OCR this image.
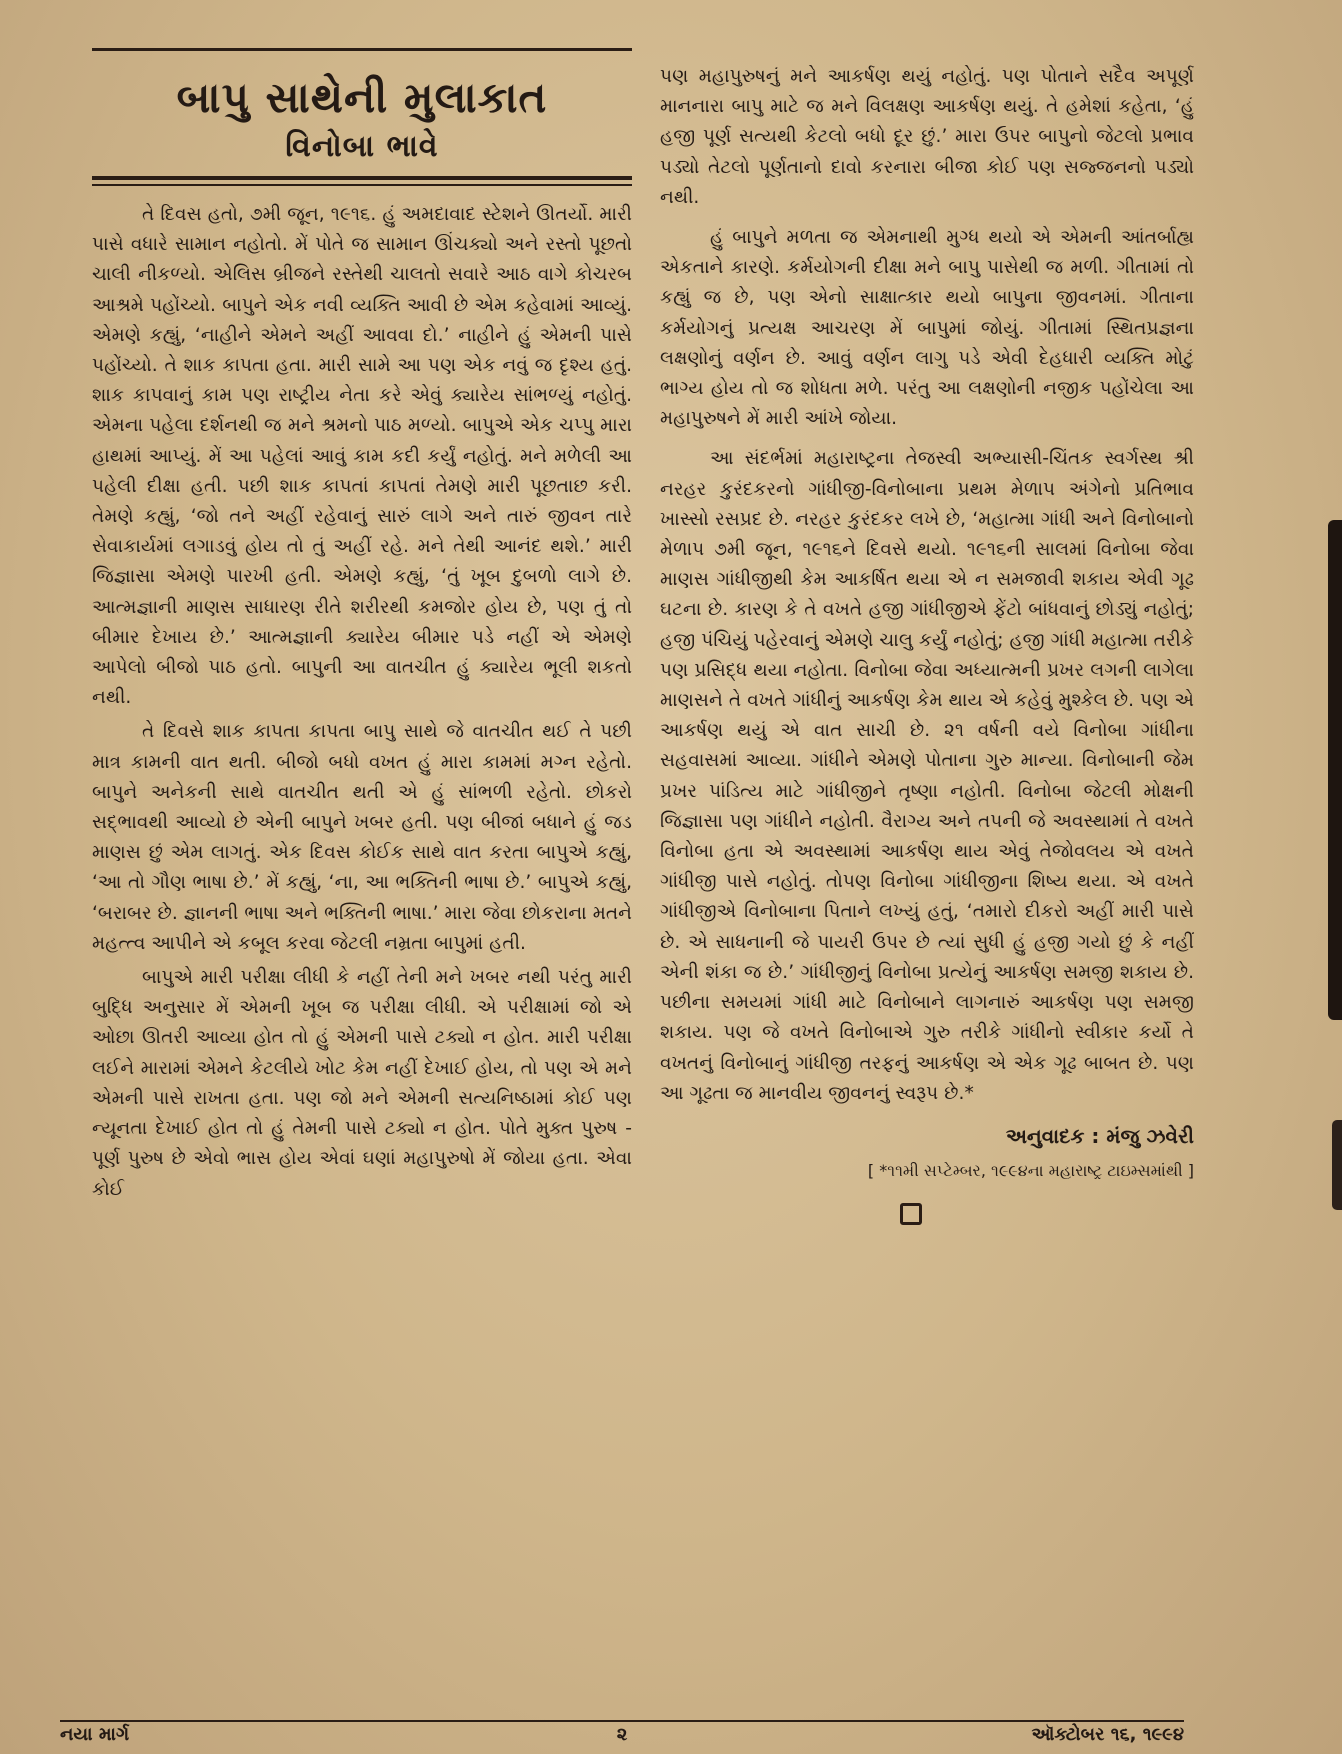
બાપુ સાથેની મુલાકાત
વિનોબા ભાવે

તે દિવસ હતો, ૭મી જૂન, ૧૯૧૬. હું અમદાવાદ સ્ટેશને ઊતર્યો. મારી પાસે વધારે સામાન નહોતો. મેં પોતે જ સામાન ઊંચક્યો અને રસ્તો પૂછતો ચાલી નીકળ્યો. એલિસ બ્રીજને રસ્તેથી ચાલતો સવારે આઠ વાગે કોચરબ આશ્રમે પહોંચ્યો. બાપુને એક નવી વ્યક્તિ આવી છે એમ કહેવામાં આવ્યું. એમણે કહ્યું, ‘નાહીને એમને અહીં આવવા દો.’ નાહીને હું એમની પાસે પહોંચ્યો. તે શાક કાપતા હતા. મારી સામે આ પણ એક નવું જ દૃશ્ય હતું. શાક કાપવાનું કામ પણ રાષ્ટ્રીય નેતા કરે એવું ક્યારેય સાંભળ્યું નહોતું. એમના પહેલા દર્શનથી જ મને શ્રમનો પાઠ મળ્યો. બાપુએ એક ચપ્પુ મારા હાથમાં આપ્યું. મેં આ પહેલાં આવું કામ કદી કર્યું નહોતું. મને મળેલી આ પહેલી દીક્ષા હતી. પછી શાક કાપતાં કાપતાં તેમણે મારી પૂછતાછ કરી. તેમણે કહ્યું, ‘જો તને અહીં રહેવાનું સારું લાગે અને તારું જીવન તારે સેવાકાર્યમાં લગાડવું હોય તો તું અહીં રહે. મને તેથી આનંદ થશે.’ મારી જિજ્ઞાસા એમણે પારખી હતી. એમણે કહ્યું, ‘તું ખૂબ દુબળો લાગે છે. આત્મજ્ઞાની માણસ સાધારણ રીતે શરીરથી કમજોર હોય છે, પણ તું તો બીમાર દેખાય છે.’ આત્મજ્ઞાની ક્યારેય બીમાર પડે નહીં એ એમણે આપેલો બીજો પાઠ હતો. બાપુની આ વાતચીત હું ક્યારેય ભૂલી શકતો નથી.

તે દિવસે શાક કાપતા કાપતા બાપુ સાથે જે વાતચીત થઈ તે પછી માત્ર કામની વાત થતી. બીજો બધો વખત હું મારા કામમાં મગ્ન રહેતો. બાપુને અનેકની સાથે વાતચીત થતી એ હું સાંભળી રહેતો. છોકરો સદ્ભાવથી આવ્યો છે એની બાપુને ખબર હતી. પણ બીજાં બધાને હું જડ માણસ છું એમ લાગતું. એક દિવસ કોઈક સાથે વાત કરતા બાપુએ કહ્યું, ‘આ તો ગૌણ ભાષા છે.’ મેં કહ્યું, ‘ના, આ ભક્તિની ભાષા છે.’ બાપુએ કહ્યું, ‘બરાબર છે. જ્ઞાનની ભાષા અને ભક્તિની ભાષા.’ મારા જેવા છોકરાના મતને મહત્ત્વ આપીને એ કબૂલ કરવા જેટલી નમ્રતા બાપુમાં હતી.

બાપુએ મારી પરીક્ષા લીધી કે નહીં તેની મને ખબર નથી પરંતુ મારી બુદ્ધિ અનુસાર મેં એમની ખૂબ જ પરીક્ષા લીધી. એ પરીક્ષામાં જો એ ઓછા ઊતરી આવ્યા હોત તો હું એમની પાસે ટક્યો ન હોત. મારી પરીક્ષા લઈને મારામાં એમને કેટલીયે ખોટ કેમ નહીં દેખાઈ હોય, તો પણ એ મને એમની પાસે રાખતા હતા. પણ જો મને એમની સત્યનિષ્ઠામાં કોઈ પણ ન્યૂનતા દેખાઈ હોત તો હું તેમની પાસે ટક્યો ન હોત. પોતે મુક્ત પુરુષ - પૂર્ણ પુરુષ છે એવો ભાસ હોય એવાં ઘણાં મહાપુરુષો મેં જોયા હતા. એવા કોઈ

પણ મહાપુરુષનું મને આકર્ષણ થયું નહોતું. પણ પોતાને સદૈવ અપૂર્ણ માનનારા બાપુ માટે જ મને વિલક્ષણ આકર્ષણ થયું. તે હમેશાં કહેતા, ‘હું હજી પૂર્ણ સત્યથી કેટલો બધો દૂર છું.’ મારા ઉપર બાપુનો જેટલો પ્રભાવ પડ્યો તેટલો પૂર્ણતાનો દાવો કરનારા બીજા કોઈ પણ સજ્જનનો પડ્યો નથી.

હું બાપુને મળતા જ એમનાથી મુગ્ધ થયો એ એમની આંતર્બાહ્ય એકતાને કારણે. કર્મયોગની દીક્ષા મને બાપુ પાસેથી જ મળી. ગીતામાં તો કહ્યું જ છે, પણ એનો સાક્ષાત્કાર થયો બાપુના જીવનમાં. ગીતાના કર્મયોગનું પ્રત્યક્ષ આચરણ મેં બાપુમાં જોયું. ગીતામાં સ્થિતપ્રજ્ઞના લક્ષણોનું વર્ણન છે. આવું વર્ણન લાગુ પડે એવી દેહધારી વ્યક્તિ મોટું ભાગ્ય હોય તો જ શોધતા મળે. પરંતુ આ લક્ષણોની નજીક પહોંચેલા આ મહાપુરુષને મેં મારી આંખે જોયા.

આ સંદર્ભમાં મહારાષ્ટ્રના તેજસ્વી અભ્યાસી-ચિંતક સ્વર્ગસ્થ શ્રી નરહર કુરંદકરનો ગાંધીજી-વિનોબાના પ્રથમ મેળાપ અંગેનો પ્રતિભાવ ખાસ્સો રસપ્રદ છે. નરહર કુરંદકર લખે છે, ‘મહાત્મા ગાંધી અને વિનોબાનો મેળાપ ૭મી જૂન, ૧૯૧૬ને દિવસે થયો. ૧૯૧૬ની સાલમાં વિનોબા જેવા માણસ ગાંધીજીથી કેમ આકર્ષિત થયા એ ન સમજાવી શકાય એવી ગૂઢ ઘટના છે. કારણ કે તે વખતે હજી ગાંધીજીએ ફેંટો બાંધવાનું છોડ્યું નહોતું; હજી પંચિયું પહેરવાનું એમણે ચાલુ કર્યું નહોતું; હજી ગાંધી મહાત્મા તરીકે પણ પ્રસિદ્ધ થયા નહોતા. વિનોબા જેવા અધ્યાત્મની પ્રખર લગની લાગેલા માણસને તે વખતે ગાંધીનું આકર્ષણ કેમ થાય એ કહેવું મુશ્કેલ છે. પણ એ આકર્ષણ થયું એ વાત સાચી છે. ૨૧ વર્ષની વયે વિનોબા ગાંધીના સહવાસમાં આવ્યા. ગાંધીને એમણે પોતાના ગુરુ માન્યા. વિનોબાની જેમ પ્રખર પાંડિત્ય માટે ગાંધીજીને તૃષ્ણા નહોતી. વિનોબા જેટલી મોક્ષની જિજ્ઞાસા પણ ગાંધીને નહોતી. વૈરાગ્ય અને તપની જે અવસ્થામાં તે વખતે વિનોબા હતા એ અવસ્થામાં આકર્ષણ થાય એવું તેજોવલય એ વખતે ગાંધીજી પાસે નહોતું. તોપણ વિનોબા ગાંધીજીના શિષ્ય થયા. એ વખતે ગાંધીજીએ વિનોબાના પિતાને લખ્યું હતું, ‘તમારો દીકરો અહીં મારી પાસે છે. એ સાધનાની જે પાયરી ઉપર છે ત્યાં સુધી હું હજી ગયો છું કે નહીં એની શંકા જ છે.’ ગાંધીજીનું વિનોબા પ્રત્યેનું આકર્ષણ સમજી શકાય છે. પછીના સમયમાં ગાંધી માટે વિનોબાને લાગનારું આકર્ષણ પણ સમજી શકાય. પણ જે વખતે વિનોબાએ ગુરુ તરીકે ગાંધીનો સ્વીકાર કર્યો તે વખતનું વિનોબાનું ગાંધીજી તરફનું આકર્ષણ એ એક ગૂઢ બાબત છે. પણ આ ગૂઢતા જ માનવીય જીવનનું સ્વરૂપ છે.*

અનુવાદક : મંજુ ઝવેરી
[ *૧૧મી સપ્ટેમ્બર, ૧૯૯૪ના મહારાષ્ટ્ર ટાઇમ્સમાંથી ]
નયા માર્ગ	૨	ઑક્ટોબર ૧૬, ૧૯૯૪
